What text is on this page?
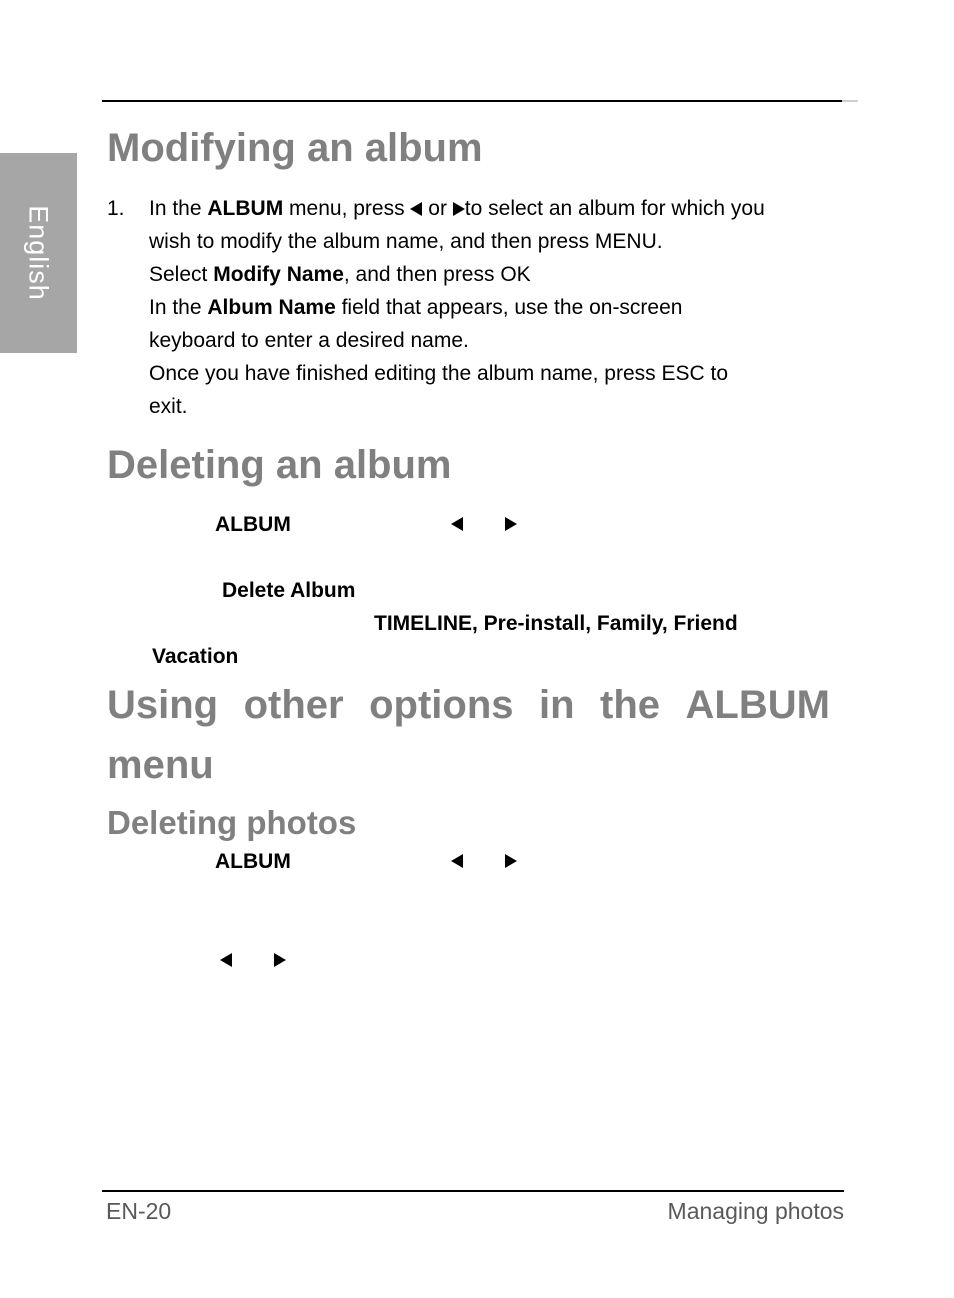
English
Modifying an album
1. In the ALBUM menu, press  or to select an album for which you
wish to modify the album name, and then press MENU.
Select Modify Name, and then press OK
In the Album Name field that appears, use the on-screen
keyboard to enter a desired name.
Once you have finished editing the album name, press ESC to
exit.
Deleting an album
ALBUM
Delete Album
TIMELINE, Pre-install, Family, Friend
Vacation
Using other options in the ALBUM
menu
Deleting photos
ALBUM
EN-20	Managing photos
